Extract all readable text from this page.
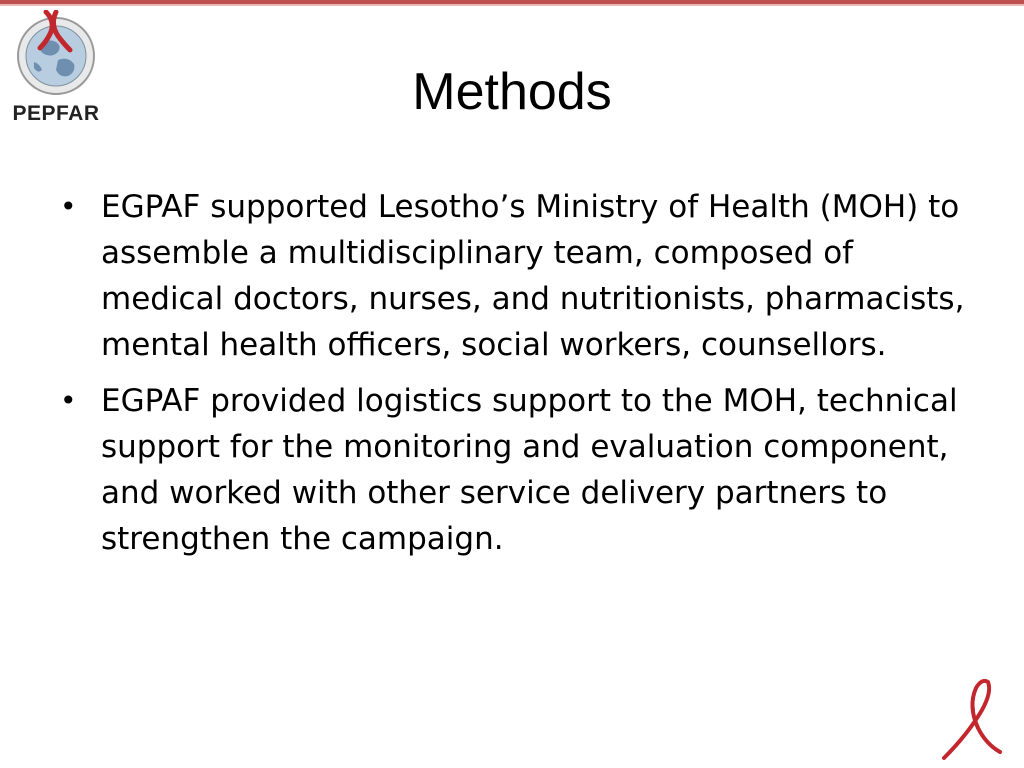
PEPFAR	Methods
• EGPAF supported Lesotho’s Ministry of Health (MOH) to assemble a multidisciplinary team, composed of medical doctors, nurses, and nutritionists, pharmacists, mental health officers, social workers, counsellors.
• EGPAF provided logistics support to the MOH, technical support for the monitoring and evaluation component, and worked with other service delivery partners to strengthen the campaign.
